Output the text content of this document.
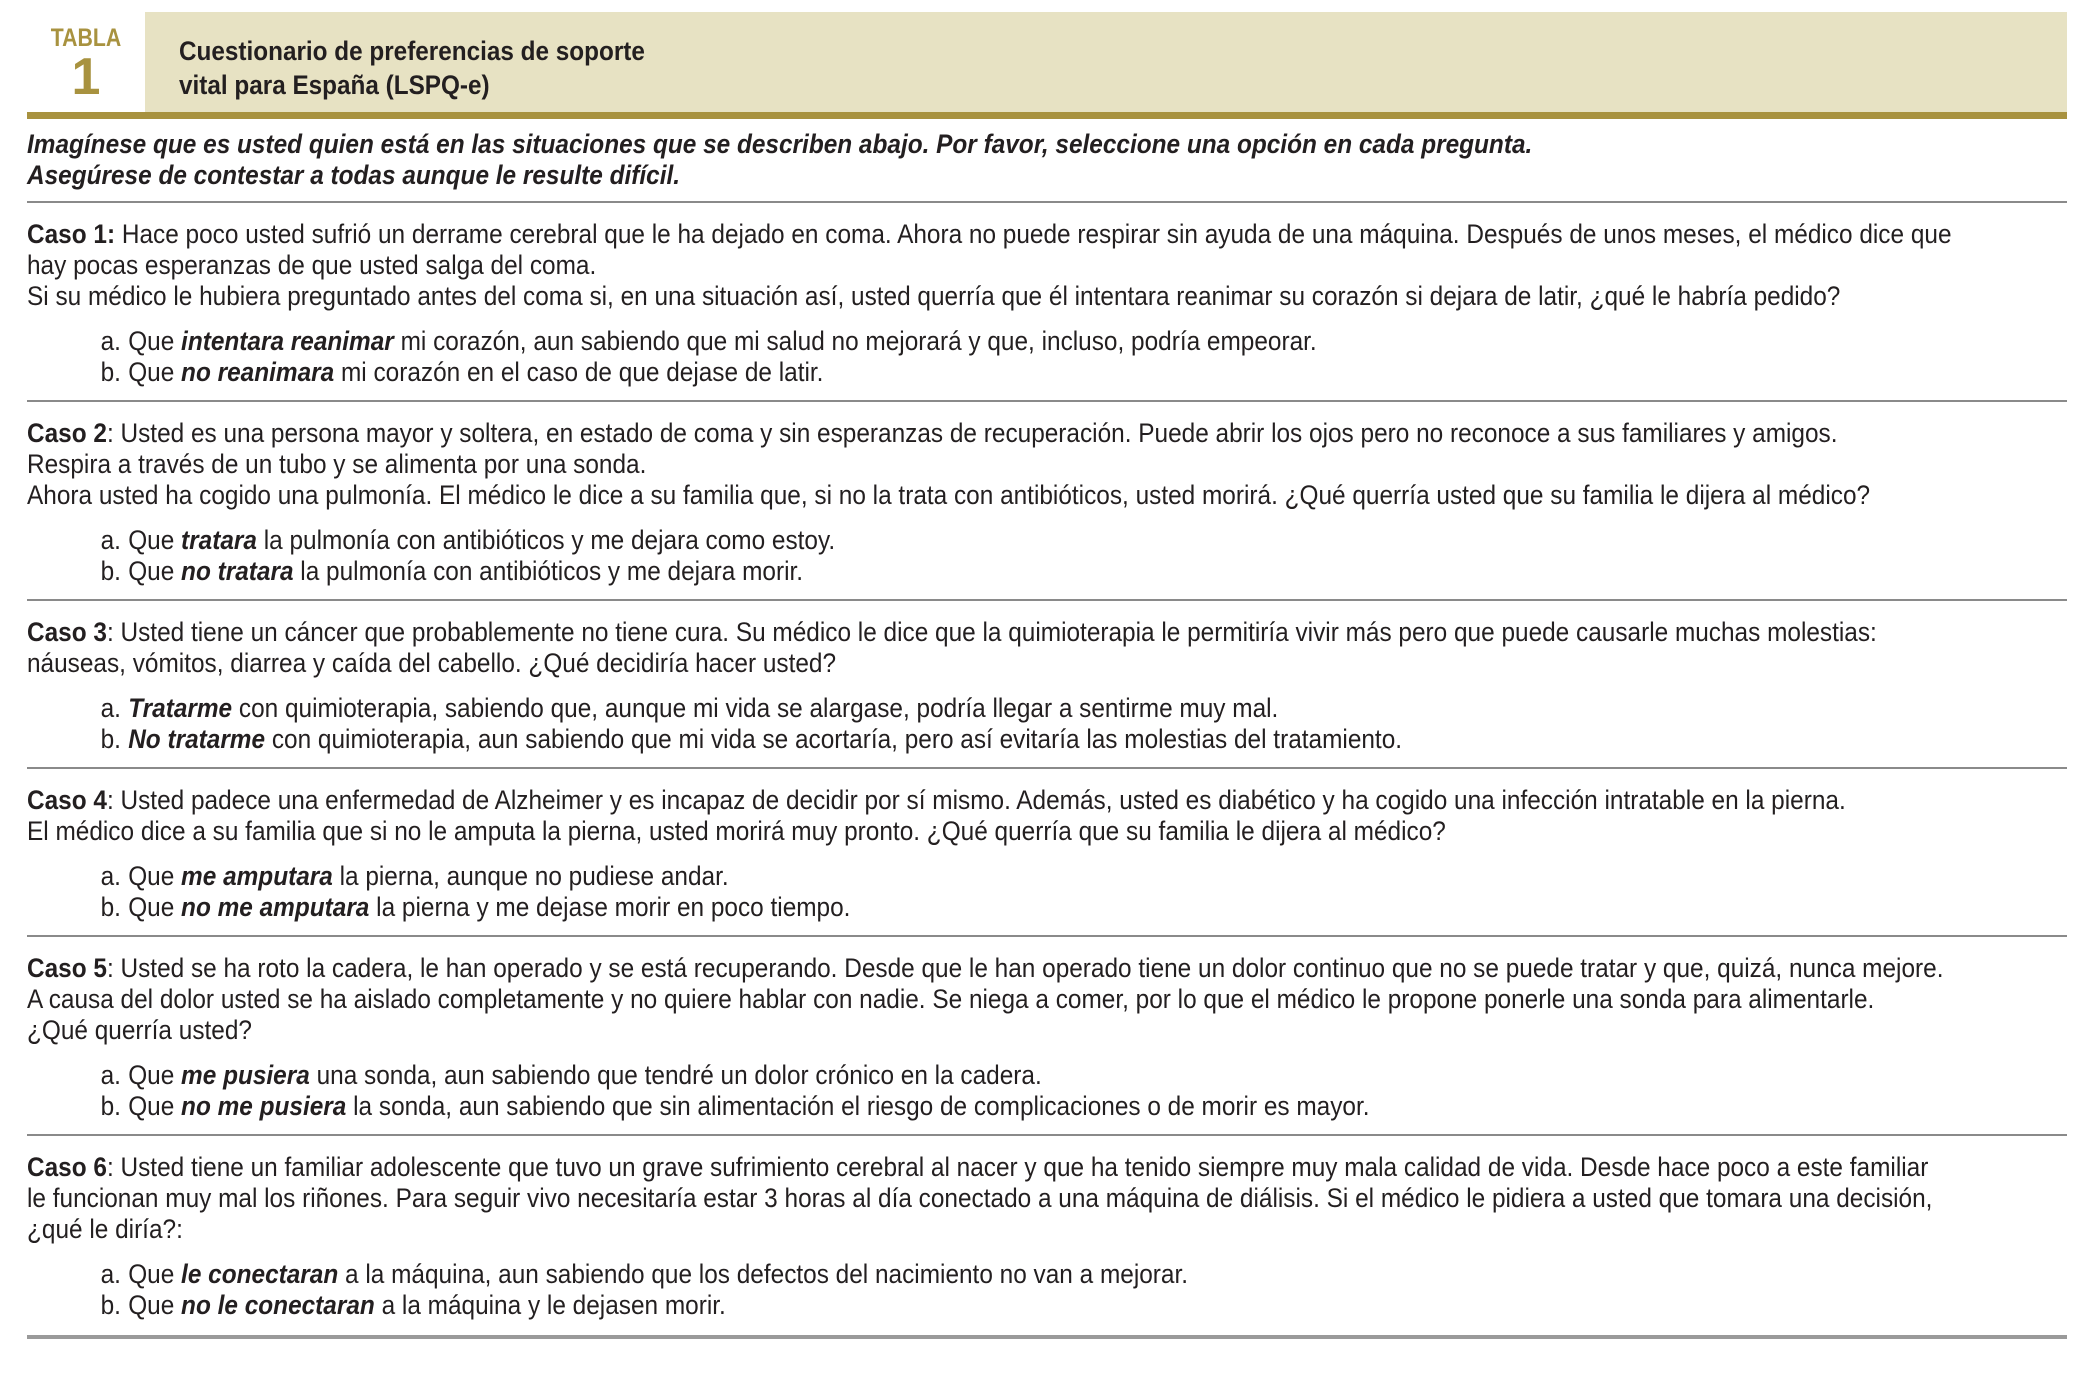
TABLA
1	Cuestionario de preferencias de soporte
vital para España (LSPQ-e)
Imagínese que es usted quien está en las situaciones que se describen abajo. Por favor, seleccione una opción en cada pregunta.
Asegúrese de contestar a todas aunque le resulte difícil.

Caso 1: Hace poco usted sufrió un derrame cerebral que le ha dejado en coma. Ahora no puede respirar sin ayuda de una máquina. Después de unos meses, el médico dice que

hay pocas esperanzas de que usted salga del coma.

Si su médico le hubiera preguntado antes del coma si, en una situación así, usted querría que él intentara reanimar su corazón si dejara de latir, ¿qué le habría pedido?

a. Que intentara reanimar mi corazón, aun sabiendo que mi salud no mejorará y que, incluso, podría empeorar.
b. Que no reanimara mi corazón en el caso de que dejase de latir.

Caso 2: Usted es una persona mayor y soltera, en estado de coma y sin esperanzas de recuperación. Puede abrir los ojos pero no reconoce a sus familiares y amigos.

Respira a través de un tubo y se alimenta por una sonda.

Ahora usted ha cogido una pulmonía. El médico le dice a su familia que, si no la trata con antibióticos, usted morirá. ¿Qué querría usted que su familia le dijera al médico?

a. Que tratara la pulmonía con antibióticos y me dejara como estoy.
b. Que no tratara la pulmonía con antibióticos y me dejara morir.

Caso 3: Usted tiene un cáncer que probablemente no tiene cura. Su médico le dice que la quimioterapia le permitiría vivir más pero que puede causarle muchas molestias:

náuseas, vómitos, diarrea y caída del cabello. ¿Qué decidiría hacer usted?

a. Tratarme con quimioterapia, sabiendo que, aunque mi vida se alargase, podría llegar a sentirme muy mal.
b. No tratarme con quimioterapia, aun sabiendo que mi vida se acortaría, pero así evitaría las molestias del tratamiento.

Caso 4: Usted padece una enfermedad de Alzheimer y es incapaz de decidir por sí mismo. Además, usted es diabético y ha cogido una infección intratable en la pierna.

El médico dice a su familia que si no le amputa la pierna, usted morirá muy pronto. ¿Qué querría que su familia le dijera al médico?

a. Que me amputara la pierna, aunque no pudiese andar.
b. Que no me amputara la pierna y me dejase morir en poco tiempo.

Caso 5: Usted se ha roto la cadera, le han operado y se está recuperando. Desde que le han operado tiene un dolor continuo que no se puede tratar y que, quizá, nunca mejore.

A causa del dolor usted se ha aislado completamente y no quiere hablar con nadie. Se niega a comer, por lo que el médico le propone ponerle una sonda para alimentarle.

¿Qué querría usted?

a. Que me pusiera una sonda, aun sabiendo que tendré un dolor crónico en la cadera.
b. Que no me pusiera la sonda, aun sabiendo que sin alimentación el riesgo de complicaciones o de morir es mayor.

Caso 6: Usted tiene un familiar adolescente que tuvo un grave sufrimiento cerebral al nacer y que ha tenido siempre muy mala calidad de vida. Desde hace poco a este familiar

le funcionan muy mal los riñones. Para seguir vivo necesitaría estar 3 horas al día conectado a una máquina de diálisis. Si el médico le pidiera a usted que tomara una decisión,

¿qué le diría?:

a. Que le conectaran a la máquina, aun sabiendo que los defectos del nacimiento no van a mejorar.
b. Que no le conectaran a la máquina y le dejasen morir.
